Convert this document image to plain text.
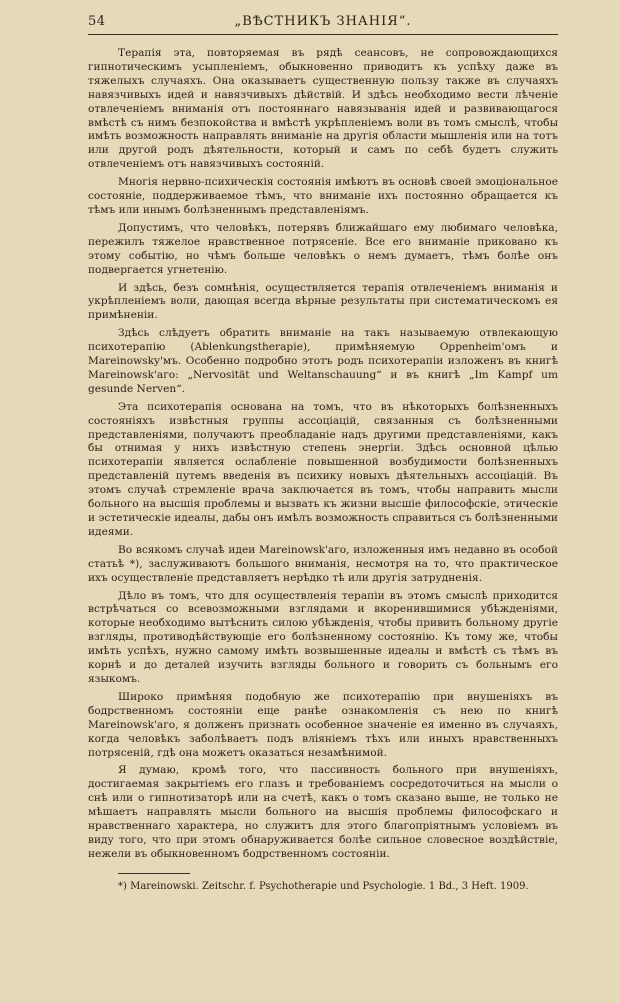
54	„ВѢСТНИКЪ ЗНАНIЯ“.

Терапія эта, повторяемая въ рядѣ сеансовъ, не сопровождающихся гипнотическимъ усыпленіемъ, обыкновенно приводитъ къ успѣху даже въ тяжелыхъ случаяхъ. Она оказываетъ существенную пользу также въ случаяхъ навязчивыхъ идей и навязчивыхъ дѣйствій. И здѣсь необходимо вести лѣченіе отвлеченіемъ вниманія отъ постояннаго навязыванія идей и развивающагося вмѣстѣ съ нимъ безпокойства и вмѣстѣ укрѣпленіемъ воли въ томъ смыслѣ, чтобы имѣть возможность направлять вниманіе на другія области мышленія или на тотъ или другой родъ дѣятельности, который и самъ по себѣ будетъ служить отвлеченіемъ отъ навязчивыхъ состояній.

Многія нервно-психическія состоянія имѣютъ въ основѣ своей эмоціональное состояніе, поддерживаемое тѣмъ, что вниманіе ихъ постоянно обращается къ тѣмъ или инымъ болѣзненнымъ представленіямъ.

Допустимъ, что человѣкъ, потерявъ ближайшаго ему любимаго человѣка, пережилъ тяжелое нравственное потрясеніе. Все его вниманіе приковано къ этому событію, но чѣмъ больше человѣкъ о немъ думаетъ, тѣмъ болѣе онъ подвергается угнетенію.

И здѣсь, безъ сомнѣнія, осуществляется терапія отвлеченіемъ вниманія и укрѣпленіемъ воли, дающая всегда вѣрные результаты при систематическомъ ея примѣненіи.

Здѣсь слѣдуетъ обратить вниманіе на такъ называемую отвлекающую психотерапію (Ablenkungstherapie), примѣняемую Oppenheim'омъ и Mareinowsky'мъ. Особенно подробно этотъ родъ психотерапіи изложенъ въ книгѣ Mareinowsk'аго: „Nervosität und Weltanschauung“ и въ книгѣ „Im Kampf um gesunde Nerven“.

Эта психотерапія основана на томъ, что въ нѣкоторыхъ болѣзненныхъ состояніяхъ извѣстныя группы ассоціацій, связанныя съ болѣзненными представленіями, получаютъ преобладаніе надъ другими представленіями, какъ бы отнимая у нихъ извѣстную степень энергіи. Здѣсь основной цѣлью психотерапіи является ослабленіе повышенной возбудимости болѣзненныхъ представленій путемъ введенія въ психику новыхъ дѣятельныхъ ассоціацій. Въ этомъ случаѣ стремленіе врача заключается въ томъ, чтобы направить мысли больного на высшія проблемы и вызвать къ жизни высшіе философскіе, этическіе и эстетическіе идеалы, дабы онъ имѣлъ возможность справиться съ болѣзненными идеями.

Во всякомъ случаѣ идеи Mareinowsk'аго, изложенныя имъ недавно въ особой статьѣ *), заслуживаютъ большого вниманія, несмотря на то, что практическое ихъ осуществленіе представляетъ нерѣдко тѣ или другія затрудненія.

Дѣло въ томъ, что для осуществленія терапіи въ этомъ смыслѣ приходится встрѣчаться со всевозможными взглядами и вкоренившимися убѣжденіями, которые необходимо вытѣснить силою убѣжденія, чтобы привить больному другіе взгляды, противодѣйствующіе его болѣзненному состоянію. Къ тому же, чтобы имѣть успѣхъ, нужно самому имѣть возвышенные идеалы и вмѣстѣ съ тѣмъ въ корнѣ и до деталей изучить взгляды больного и говорить съ больнымъ его языкомъ.

Широко примѣняя подобную же психотерапію при внушеніяхъ въ бодрственномъ состояніи еще ранѣе ознакомленія съ нею по книгѣ Mareinowsk'аго, я долженъ признать особенное значеніе ея именно въ случаяхъ, когда человѣкъ заболѣваетъ подъ вліяніемъ тѣхъ или иныхъ нравственныхъ потрясеній, гдѣ она можетъ оказаться незамѣнимой.

Я думаю, кромѣ того, что пассивность больного при внушеніяхъ, достигаемая закрытіемъ его глазъ и требованіемъ сосредоточиться на мысли о снѣ или о гипнотизаторѣ или на счетѣ, какъ о томъ сказано выше, не только не мѣшаетъ направлять мысли больного на высшія проблемы философскаго и нравственнаго характера, но служитъ для этого благопріятнымъ условіемъ въ виду того, что при этомъ обнаруживается болѣе сильное словесное воздѣйствіе, нежели въ обыкновенномъ бодрственномъ состояніи.

*) Mareinowski. Zeitschr. f. Psychotherapie und Psychologie. 1 Bd., 3 Heft. 1909.
